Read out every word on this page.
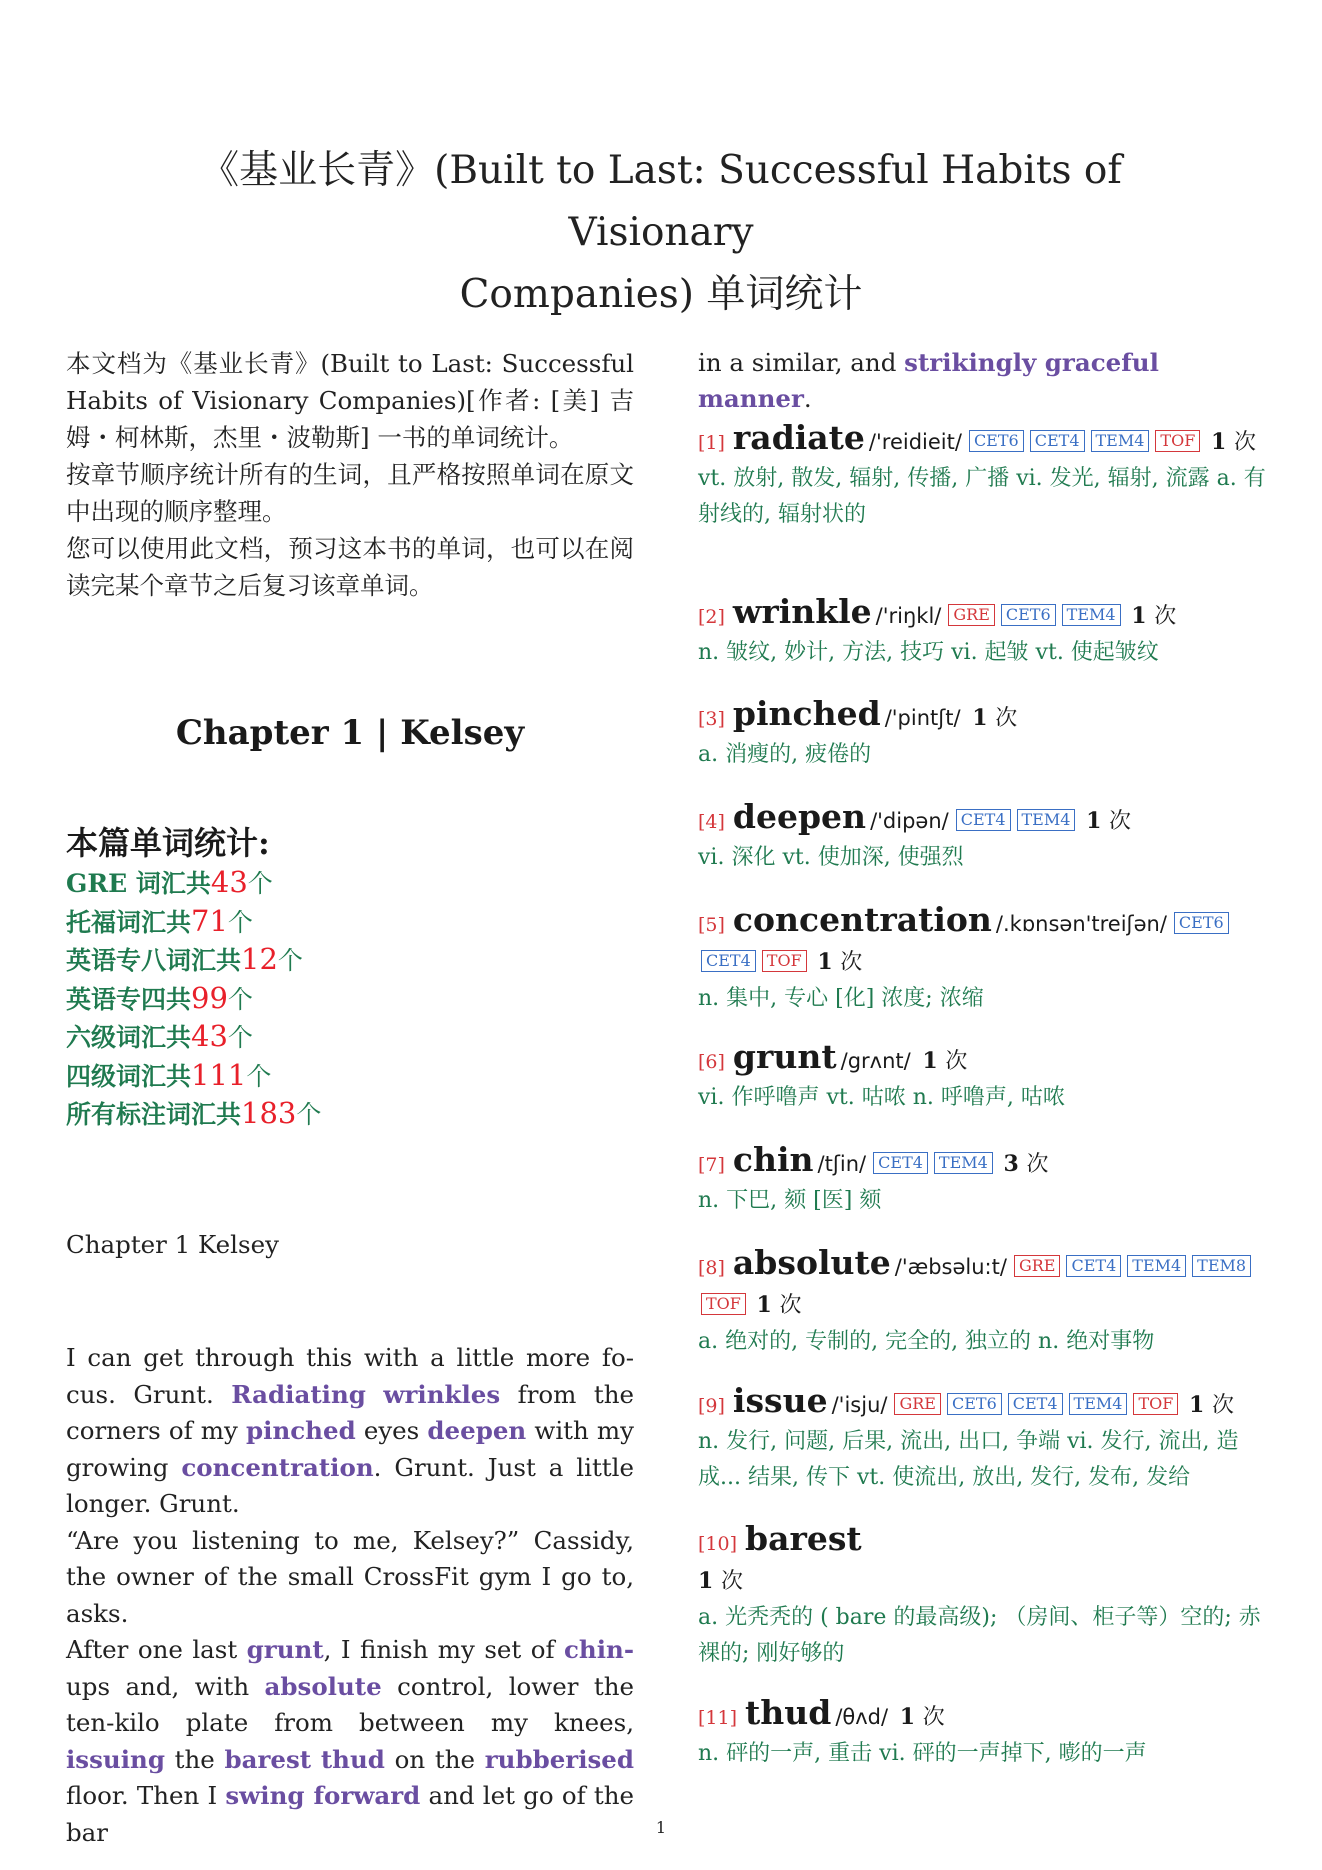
《基业长青》(Built to Last: Successful Habits of Visionary
Companies) 单词统计

本文档为《基业长青》(Built to Last: Successful Habits of Visionary Companies)[作者: [美] 吉姆・柯林斯，杰里・波勒斯] 一书的单词统计。

按章节顺序统计所有的生词，且严格按照单词在原文中出现的顺序整理。

您可以使用此文档，预习这本书的单词，也可以在阅读完某个章节之后复习该章单词。

Chapter 1 | Kelsey
本篇单词统计:
GRE 词汇共43个
托福词汇共71个
英语专八词汇共12个
英语专四共99个
六级词汇共43个
四级词汇共111个
所有标注词汇共183个
Chapter 1 Kelsey

I can get through this with a little more fo-cus. Grunt. Radiating wrinkles from the corners of my pinched eyes deepen with my growing concentration. Grunt. Just a little longer. Grunt.

“Are you listening to me, Kelsey?” Cassidy, the owner of the small CrossFit gym I go to, asks.

After one last grunt, I finish my set of chin-ups and, with absolute control, lower the ten-kilo plate from between my knees, issuing the barest thud on the rubberised floor. Then I swing forward and let go of the bar

in a similar, and strikingly graceful manner.

[1] radiate /'reidieit/ CET6 CET4 TEM4 TOF 1 次

vt. 放射, 散发, 辐射, 传播, 广播 vi. 发光, 辐射, 流露 a. 有射线的, 辐射状的

[2] wrinkle /'riŋkl/ GRE CET6 TEM4 1 次

n. 皱纹, 妙计, 方法, 技巧 vi. 起皱 vt. 使起皱纹

[3] pinched /'pintʃt/ 1 次

a. 消瘦的, 疲倦的

[4] deepen /'dipən/ CET4 TEM4 1 次

vi. 深化 vt. 使加深, 使强烈

[5] concentration /.kɒnsən'treiʃən/ CET6CET4 TOF 1 次

n. 集中, 专心 [化] 浓度; 浓缩

[6] grunt /grʌnt/ 1 次

vi. 作呼噜声 vt. 咕哝 n. 呼噜声, 咕哝

[7] chin /tʃin/ CET4 TEM4 3 次

n. 下巴, 颏 [医] 颏

[8] absolute /'æbsəlu:t/ GRE CET4 TEM4 TEM8TOF 1 次

a. 绝对的, 专制的, 完全的, 独立的 n. 绝对事物

[9] issue /'isju/ GRE CET6 CET4 TEM4 TOF 1 次

n. 发行, 问题, 后果, 流出, 出口, 争端 vi. 发行, 流出, 造成... 结果, 传下 vt. 使流出, 放出, 发行, 发布, 发给

[10] barest
1 次

a. 光秃秃的 ( bare 的最高级); （房间、柜子等）空的; 赤裸的; 刚好够的

[11] thud /θʌd/ 1 次

n. 砰的一声, 重击 vi. 砰的一声掉下, 嘭的一声

1
